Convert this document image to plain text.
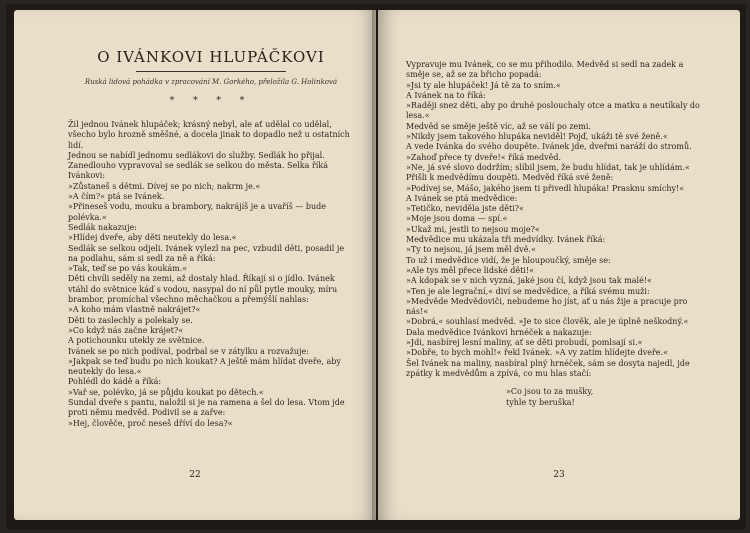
O IVÁNKOVI HLUPÁČKOVI
Ruská lidová pohádka v zpracování M. Gorkého, přeložila G. Holinková
* * * *

Žil jednou Ivánek hlupáček; krásný nebyl, ale ať udělal co udělal, všecho bylo hrozně směšné, a docela jinak to dopadlo než u ostatních lidí.

Jednou se nabídl jednomu sedlákovi do služby. Sedlák ho přijal. Zanedlouho vypravoval se sedlák se selkou do města. Selka říká Ivánkovi:

»Zůstaneš s dětmi. Dívej se po nich; nakrm je.«

»A čím?« ptá se Ivánek.

»Přineseš vodu, mouku a brambory, nakrájíš je a uvaříš — bude polévka.«

Sedlák nakazuje:

»Hlídej dveře, aby děti neutekly do lesa.«

Sedlák se selkou odjeli. Ivánek vylezl na pec, vzbudil děti, posadil je na podlahu, sám si sedl za ně a říká:

»Tak, teď se po vás koukám.«

Děti chvíli seděly na zemi, až dostaly hlad. Říkají si o jídlo. Ivánek vtáhl do světnice káď s vodou, nasypal do ní půl pytle mouky, míru brambor, promíchal všechno měchačkou a přemýšlí nahlas:

»A koho mám vlastně nakrájet?«

Děti to zaslechly a polekaly se.

»Co když nás začne krájet?«

A potichounku utekly ze světnice.

Ivánek se po nich podíval, podrbal se v zátylku a rozvažuje:

»Jakpak se teď budu po nich koukat? A ještě mám hlídat dveře, aby neutekly do lesa.«

Pohlédl do kádě a říká:

»Vař se, polévko, já se půjdu koukat po dětech.«

Sundal dveře s pantu, naložil si je na ramena a šel do lesa. Vtom jde proti němu medvěd. Podivil se a zařve:

»Hej, člověče, proč neseš dříví do lesa?«

22

Vypravuje mu Ivánek, co se mu přihodilo. Medvěd si sedl na zadek a směje se, až se za břicho popadá:

»Jsi ty ale hlupáček! Já tě za to sním.«

A Ivánek na to říká:

»Raději snez děti, aby po druhé poslouchaly otce a matku a neutíkaly do lesa.«

Medvěd se směje ještě víc, až se válí po zemi.

»Nikdy jsem takového hlupáka neviděl! Pojď, ukáži tě své ženě.«

A vede Ivánka do svého doupěte. Ivánek jde, dveřmi naráží do stromů.

»Zahoď přece ty dveře!« říká medvěd.

»Ne, já své slovo dodržím; slíbil jsem, že budu hlídat, tak je uhlídám.«

Přišli k medvědímu doupěti. Medvěd říká své ženě:

»Podívej se, Mášo, jakého jsem ti přivedl hlupáka! Prasknu smíchy!«

A Ivánek se ptá medvědice:

»Tetičko, neviděla jste děti?«

»Moje jsou doma — spí.«

»Ukaž mi, jestli to nejsou moje?«

Medvědice mu ukázala tři medvídky. Ivánek říká:

»Ty to nejsou, já jsem měl dvě.«

To už i medvědice vidí, že je hloupoučký, směje se:

»Ale tys měl přece lidské děti!«

»A kdopak se v nich vyzná, jaké jsou čí, když jsou tak malé!«

»Ten je ale legrační,« diví se medvědice, a říká svému muži:

»Medvěde Medvědoviči, nebudeme ho jíst, ať u nás žije a pracuje pro nás!«

»Dobrá,« souhlasí medvěd. »Je to sice člověk, ale je úplně neškodný.«

Dala medvědice Ivánkovi hrnéček a nakazuje:

»Jdi, nasbírej lesní maliny, ať se děti probudí, pomlsají si.«

»Dobře, to bych mohl!« řekl Ivánek. »A vy zatím hlídejte dveře.«

Šel Ivánek na maliny, nasbíral plný hrnéček, sám se dosyta najedl, jde zpátky k medvědům a zpívá, co mu hlas stačí:

»Co jsou to za mušky,

tyhle ty beruška!

23
